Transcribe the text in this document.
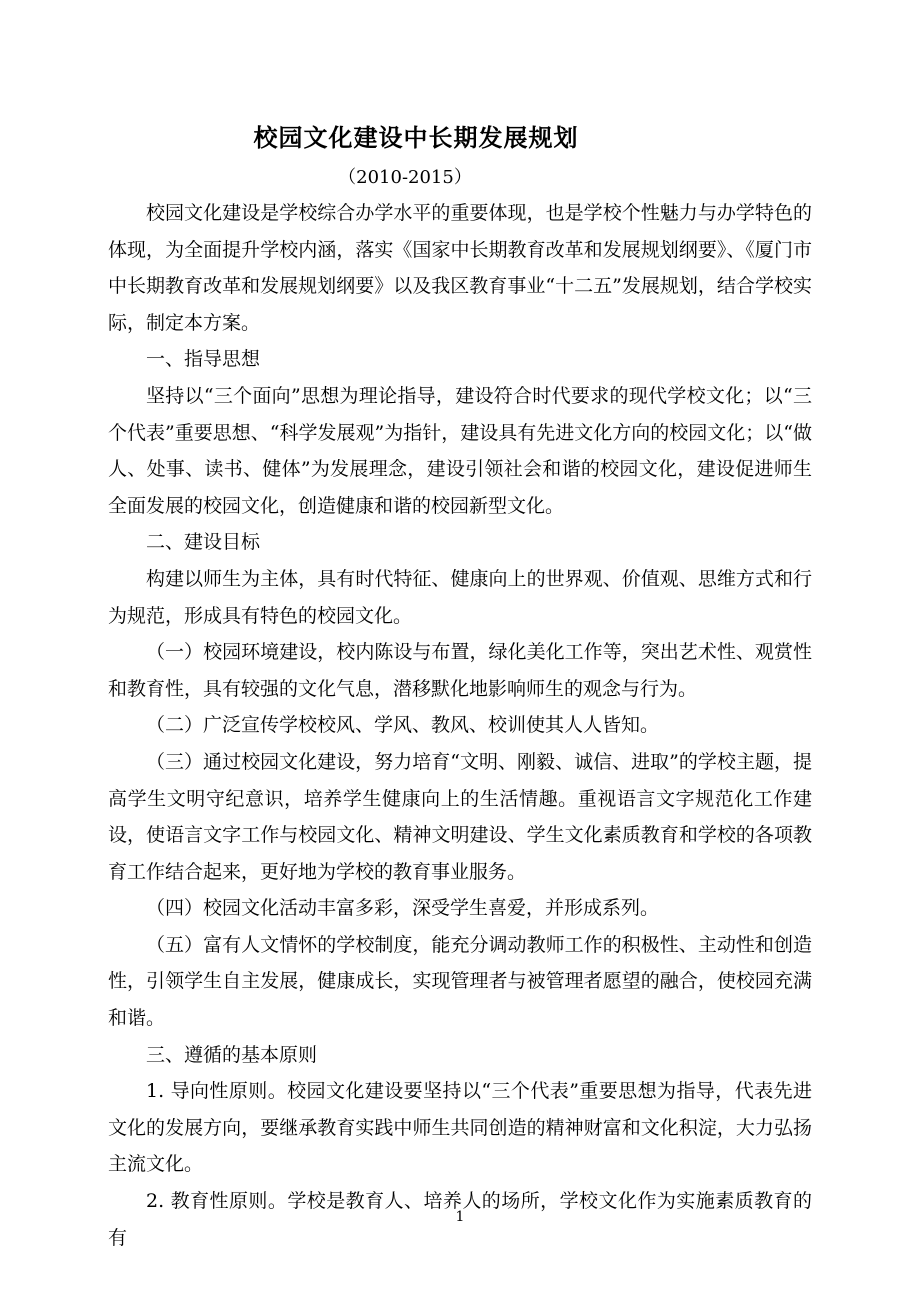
校园文化建设中长期发展规划
（2010-2015）

校园文化建设是学校综合办学水平的重要体现，也是学校个性魅力与办学特色的体现，为全面提升学校内涵，落实《国家中长期教育改革和发展规划纲要》、《厦门市中长期教育改革和发展规划纲要》以及我区教育事业“十二五”发展规划，结合学校实际，制定本方案。

一、指导思想

坚持以“三个面向”思想为理论指导，建设符合时代要求的现代学校文化；以“三个代表”重要思想、“科学发展观”为指针，建设具有先进文化方向的校园文化；以“做人、处事、读书、健体”为发展理念，建设引领社会和谐的校园文化，建设促进师生全面发展的校园文化，创造健康和谐的校园新型文化。

二、建设目标

构建以师生为主体，具有时代特征、健康向上的世界观、价值观、思维方式和行为规范，形成具有特色的校园文化。

（一）校园环境建设，校内陈设与布置，绿化美化工作等，突出艺术性、观赏性和教育性，具有较强的文化气息，潜移默化地影响师生的观念与行为。

（二）广泛宣传学校校风、学风、教风、校训使其人人皆知。

（三）通过校园文化建设，努力培育“文明、刚毅、诚信、进取”的学校主题，提高学生文明守纪意识，培养学生健康向上的生活情趣。重视语言文字规范化工作建设，使语言文字工作与校园文化、精神文明建设、学生文化素质教育和学校的各项教育工作结合起来，更好地为学校的教育事业服务。

（四）校园文化活动丰富多彩，深受学生喜爱，并形成系列。

（五）富有人文情怀的学校制度，能充分调动教师工作的积极性、主动性和创造性，引领学生自主发展，健康成长，实现管理者与被管理者愿望的融合，使校园充满和谐。

三、遵循的基本原则

1. 导向性原则。校园文化建设要坚持以“三个代表”重要思想为指导，代表先进文化的发展方向，要继承教育实践中师生共同创造的精神财富和文化积淀，大力弘扬主流文化。

2. 教育性原则。学校是教育人、培养人的场所，学校文化作为实施素质教育的有

1
